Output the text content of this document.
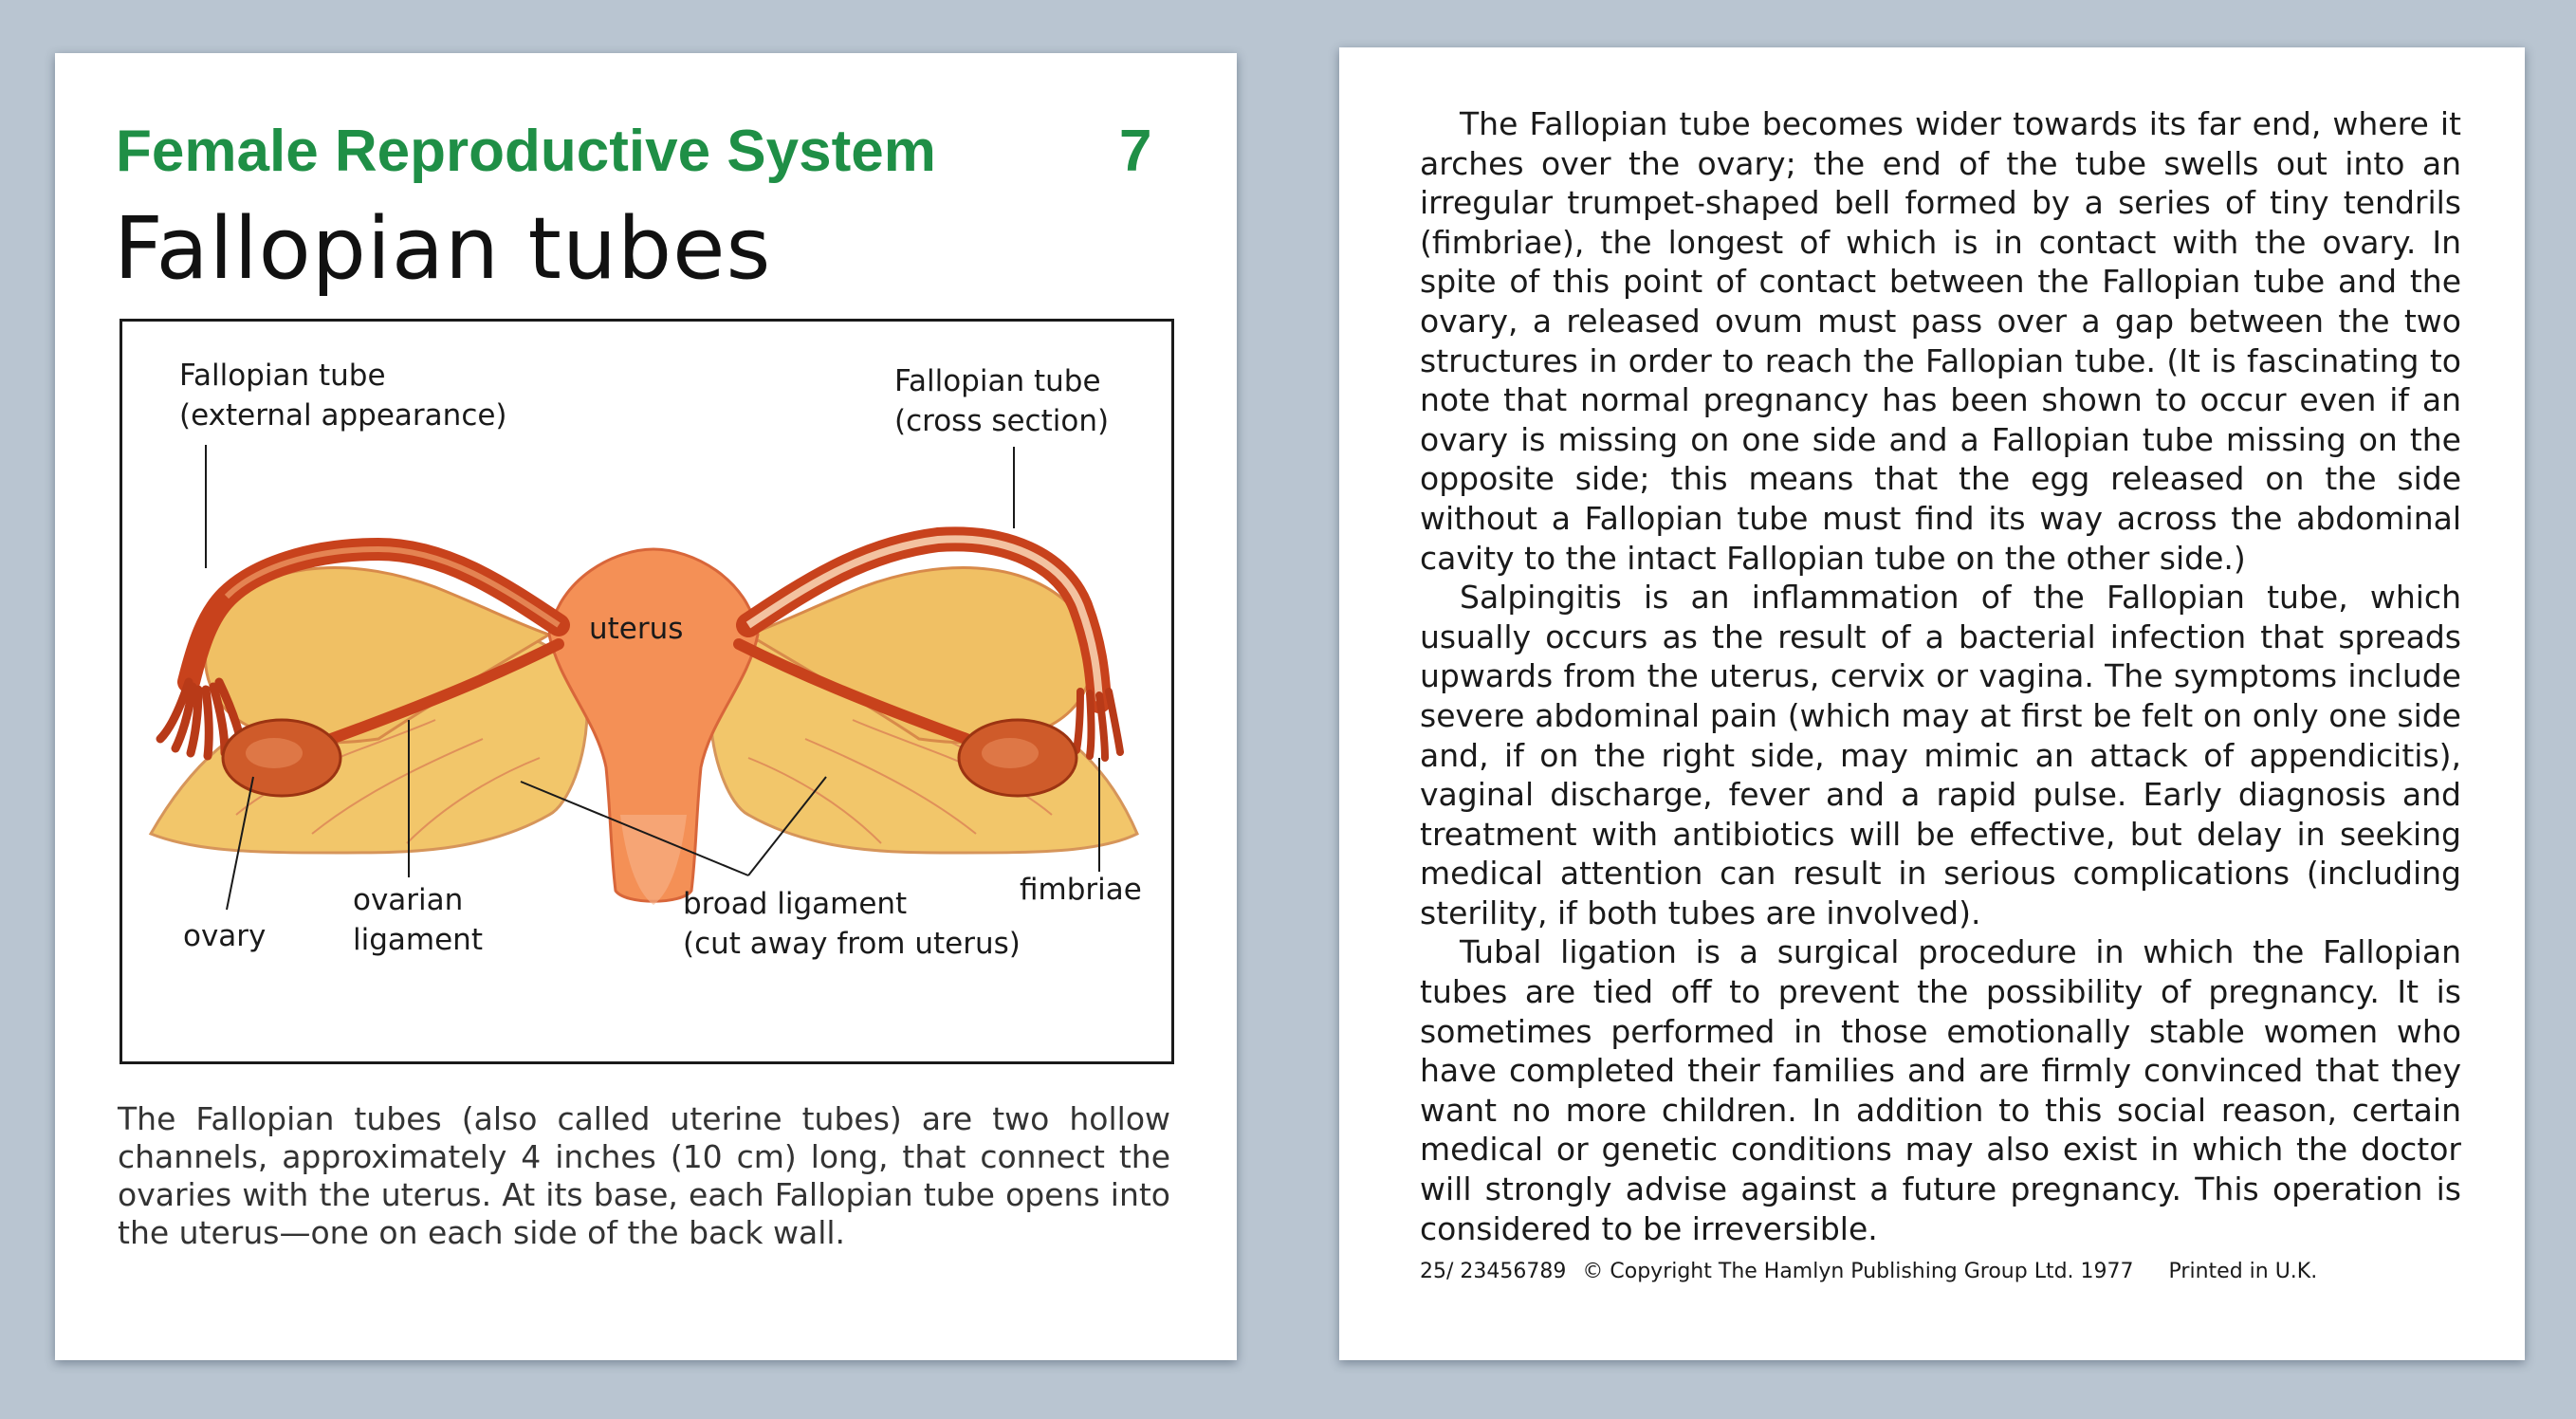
Female Reproductive System	7
Fallopian tubes
Fallopian tube
(external appearance)
Fallopian tube
(cross section)
uterus
ovary
ovarian
ligament
broad ligament
(cut away from uterus)
fimbriae

The Fallopian tubes (also called uterine tubes) are two hollow channels, approximately 4 inches (10 cm) long, that connect the ovaries with the uterus. At its base, each Fallopian tube opens into the uterus—one on each side of the back wall.

The Fallopian tube becomes wider towards its far end, where it arches over the ovary; the end of the tube swells out into an irregular trumpet-shaped bell formed by a series of tiny tendrils (fimbriae), the longest of which is in contact with the ovary. In spite of this point of contact between the Fallopian tube and the ovary, a released ovum must pass over a gap between the two structures in order to reach the Fallopian tube. (It is fascinating to note that normal pregnancy has been shown to occur even if an ovary is missing on one side and a Fallopian tube missing on the opposite side; this means that the egg released on the side without a Fallopian tube must find its way across the abdominal cavity to the intact Fallopian tube on the other side.)

Salpingitis is an inflammation of the Fallopian tube, which usually occurs as the result of a bacterial infection that spreads upwards from the uterus, cervix or vagina. The symptoms include severe abdominal pain (which may at first be felt on only one side and, if on the right side, may mimic an attack of appendicitis), vaginal discharge, fever and a rapid pulse. Early diagnosis and treatment with antibiotics will be effective, but delay in seeking medical attention can result in serious complications (including sterility, if both tubes are involved).

Tubal ligation is a surgical procedure in which the Fallopian tubes are tied off to prevent the possibility of pregnancy. It is sometimes performed in those emotionally stable women who have completed their families and are firmly convinced that they want no more children. In addition to this social reason, certain medical or genetic conditions may also exist in which the doctor will strongly advise against a future pregnancy. This operation is considered to be irreversible.

25/ 23456789 © Copyright The Hamlyn Publishing Group Ltd. 1977 Printed in U.K.
